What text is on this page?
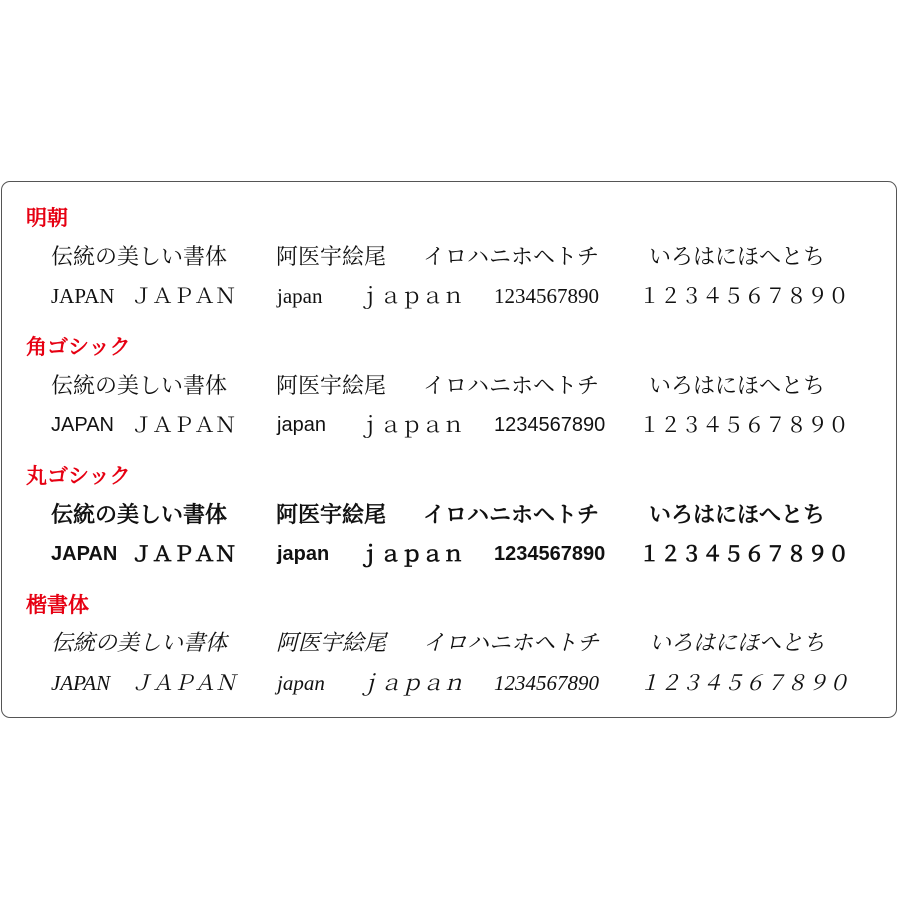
明朝
伝統の美しい書体 阿医宇絵尾 イロハニホヘトチ いろはにほへとち
JAPAN ＪＡＰＡＮ japan ｊａｐａｎ 1234567890 １２３４５６７８９０
角ゴシック
伝統の美しい書体 阿医宇絵尾 イロハニホヘトチ いろはにほへとち
JAPAN ＪＡＰＡＮ japan ｊａｐａｎ 1234567890 １２３４５６７８９０
丸ゴシック
伝統の美しい書体 阿医宇絵尾 イロハニホヘトチ いろはにほへとち
JAPAN ＪＡＰＡＮ japan ｊａｐａｎ 1234567890 １２３４５６７８９０
楷書体
伝統の美しい書体 阿医宇絵尾 イロハニホヘトチ いろはにほへとち
JAPAN ＪＡＰＡＮ japan ｊａｐａｎ 1234567890 １２３４５６７８９０
